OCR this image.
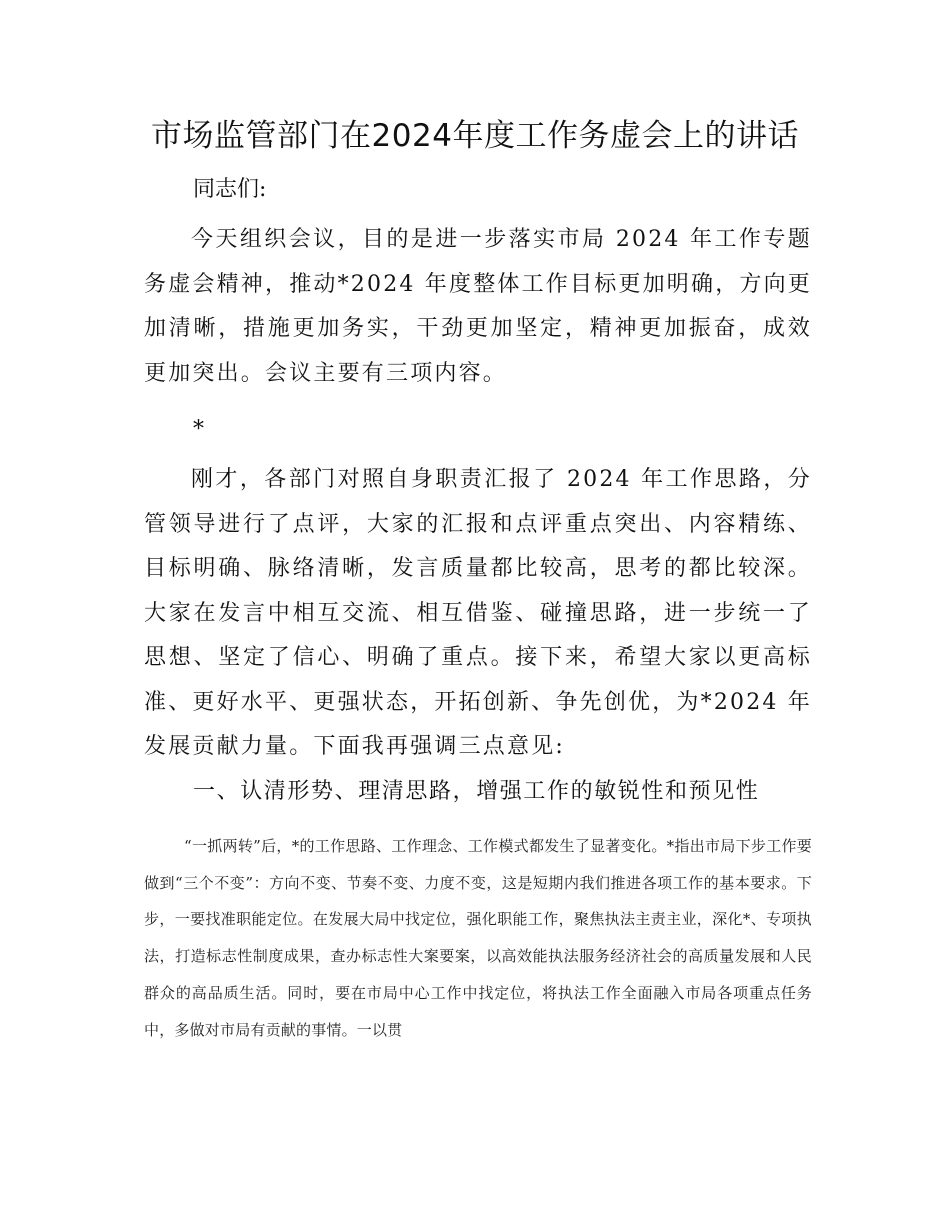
市场监管部门在2024年度工作务虚会上的讲话
同志们:
今天组织会议，目的是进一步落实市局 2024 年工作专题务虚会精神，推动*2024 年度整体工作目标更加明确，方向更加清晰，措施更加务实，干劲更加坚定，精神更加振奋，成效更加突出。会议主要有三项内容。
*
刚才，各部门对照自身职责汇报了 2024 年工作思路，分管领导进行了点评，大家的汇报和点评重点突出、内容精练、目标明确、脉络清晰，发言质量都比较高，思考的都比较深。大家在发言中相互交流、相互借鉴、碰撞思路，进一步统一了思想、坚定了信心、明确了重点。接下来，希望大家以更高标准、更好水平、更强状态，开拓创新、争先创优，为*2024 年发展贡献力量。下面我再强调三点意见:
一、认清形势、理清思路，增强工作的敏锐性和预见性
“一抓两转”后，*的工作思路、工作理念、工作模式都发生了显著变化。*指出市局下步工作要做到“三个不变”：方向不变、节奏不变、力度不变，这是短期内我们推进各项工作的基本要求。下步，一要找准职能定位。在发展大局中找定位，强化职能工作，聚焦执法主责主业，深化*、专项执法，打造标志性制度成果，查办标志性大案要案，以高效能执法服务经济社会的高质量发展和人民群众的高品质生活。同时，要在市局中心工作中找定位，将执法工作全面融入市局各项重点任务中，多做对市局有贡献的事情。一以贯
